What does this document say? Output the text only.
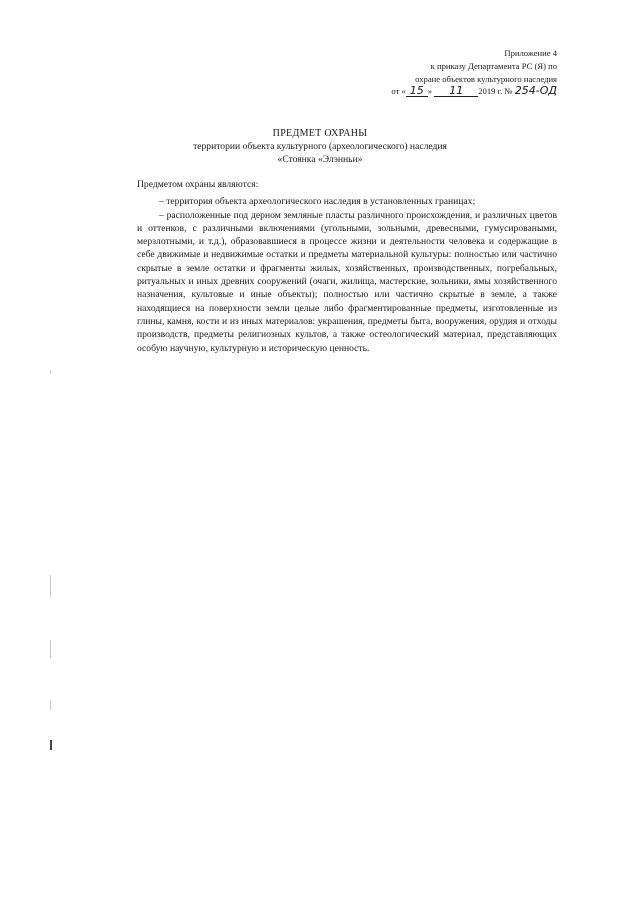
Приложение 4
к приказу Департамента РС (Я) по
охране объектов культурного наследия
от « 15 » 11 2019 г. № 254-ОД
ПРЕДМЕТ ОХРАНЫ
территории объекта культурного (археологического) наследия
«Стоянка «Элэнньи»

Предметом охраны являются:

– территория объекта археологического наследия в установленных границах;

– расположенные под дерном земляные пласты различного происхождения, и различных цветов и оттенков, с различными включениями (угольными, зольными, древесными, гумусироваными, мерзлотными, и т.д.), образовавшиеся в процессе жизни и деятельности человека и содержащие в себе движимые и недвижимые остатки и предметы материальной культуры: полностью или частично скрытые в земле остатки и фрагменты жилых, хозяйственных, производственных, погребальных, ритуальных и иных древних сооружений (очаги, жилища, мастерские, зольники, ямы хозяйственного назначения, культовые и иные объекты); полностью или частично скрытые в земле, а также находящиеся на поверхности земли целые либо фрагментированные предметы, изготовленные из глины, камня, кости и из иных материалов: украшения, предметы быта, вооружения, орудия и отходы производств, предметы религиозных культов, а также остеологический материал, представляющих особую научную, культурную и историческую ценность.
